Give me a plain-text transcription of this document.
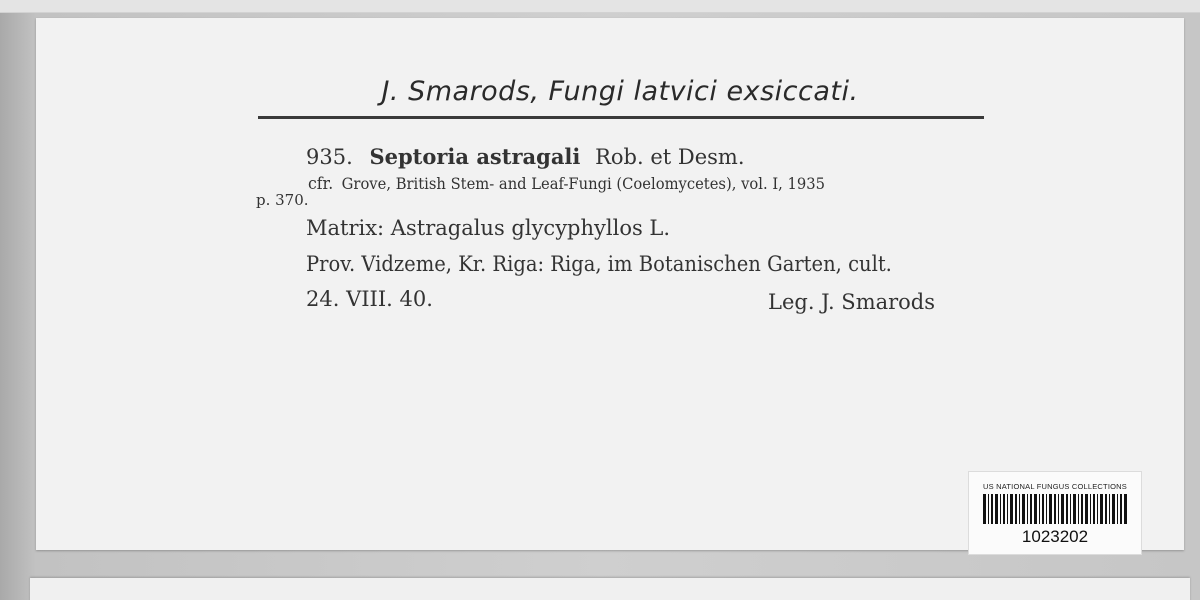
J. Smarods, Fungi latvici exsiccati.
935. Septoria astragali Rob. et Desm.
cfr. Grove, British Stem- and Leaf-Fungi (Coelomycetes), vol. I, 1935
p. 370.
Matrix: Astragalus glycyphyllos L.
Prov. Vidzeme, Kr. Riga: Riga, im Botanischen Garten, cult.
24. VIII. 40.	Leg. J. Smarods
US NATIONAL FUNGUS COLLECTIONS
1023202
